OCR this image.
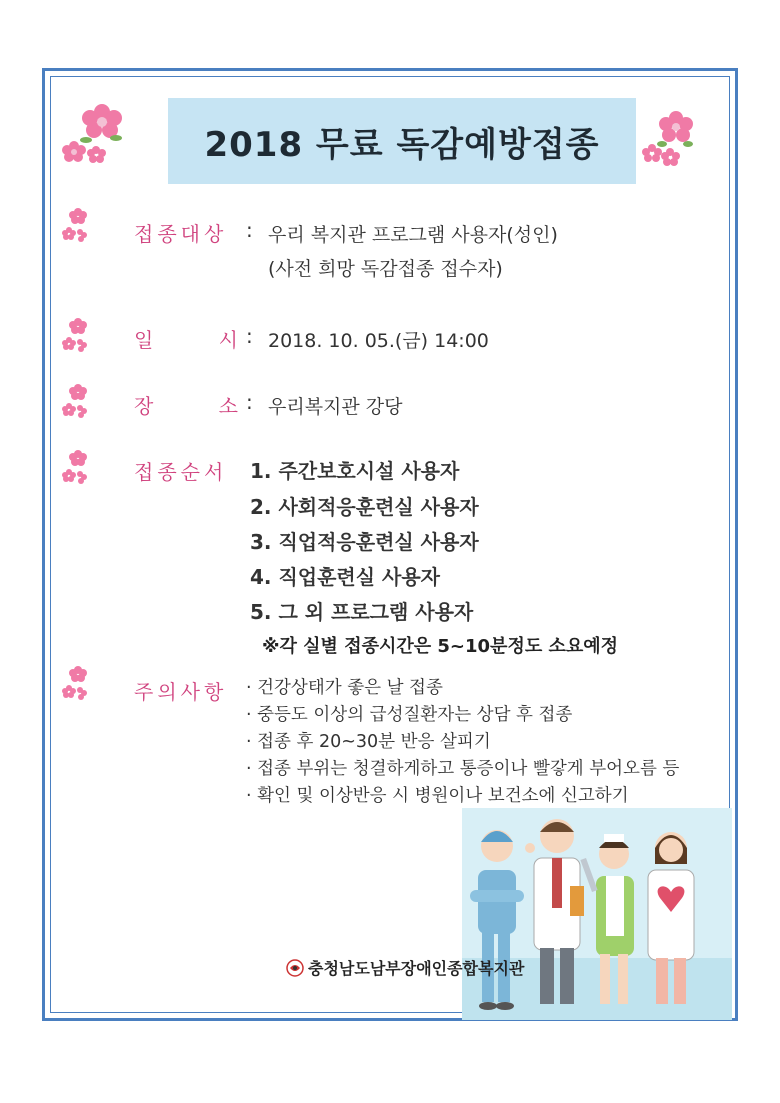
2018 무료 독감예방접종
접종대상 : 우리 복지관 프로그램 사용자(성인)
(사전 희망 독감접종 접수자)
일	시 : 2018. 10. 05.(금) 14:00
장	소 : 우리복지관 강당
접종순서 1. 주간보호시설 사용자
2. 사회적응훈련실 사용자
3. 직업적응훈련실 사용자
4. 직업훈련실 사용자
5. 그 외 프로그램 사용자
※각 실별 접종시간은 5~10분정도 소요예정
주의사항 · 건강상태가 좋은 날 접종
· 중등도 이상의 급성질환자는 상담 후 접종
· 접종 후 20~30분 반응 살피기
· 접종 부위는 청결하게하고 통증이나 빨갛게 부어오름 등
· 확인 및 이상반응 시 병원이나 보건소에 신고하기
충청남도남부장애인종합복지관
